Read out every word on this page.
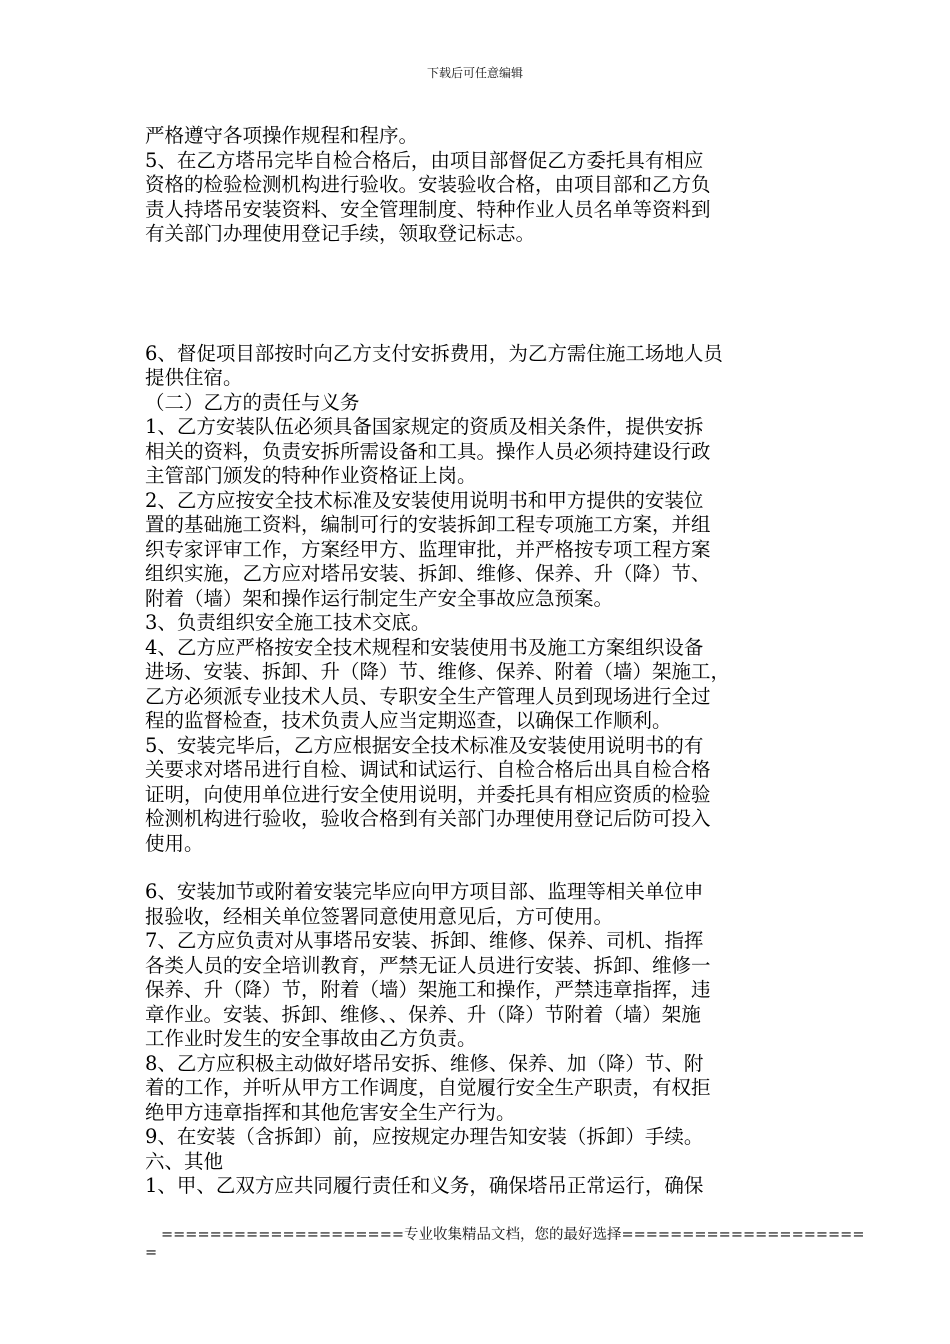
下载后可任意编辑
严格遵守各项操作规程和程序。
5、在乙方塔吊完毕自检合格后，由项目部督促乙方委托具有相应
资格的检验检测机构进行验收。安装验收合格，由项目部和乙方负
责人持塔吊安装资料、安全管理制度、特种作业人员名单等资料到
有关部门办理使用登记手续，领取登记标志。
6、督促项目部按时向乙方支付安拆费用，为乙方需住施工场地人员
提供住宿。
（二）乙方的责任与义务
1、乙方安装队伍必须具备国家规定的资质及相关条件，提供安拆
相关的资料，负责安拆所需设备和工具。操作人员必须持建设行政
主管部门颁发的特种作业资格证上岗。
2、乙方应按安全技术标准及安装使用说明书和甲方提供的安装位
置的基础施工资料，编制可行的安装拆卸工程专项施工方案，并组
织专家评审工作，方案经甲方、监理审批，并严格按专项工程方案
组织实施，乙方应对塔吊安装、拆卸、维修、保养、升（降）节、
附着（墙）架和操作运行制定生产安全事故应急预案。
3、负责组织安全施工技术交底。
4、乙方应严格按安全技术规程和安装使用书及施工方案组织设备
进场、安装、拆卸、升（降）节、维修、保养、附着（墙）架施工，
乙方必须派专业技术人员、专职安全生产管理人员到现场进行全过
程的监督检查，技术负责人应当定期巡查，以确保工作顺利。
5、安装完毕后，乙方应根据安全技术标准及安装使用说明书的有
关要求对塔吊进行自检、调试和试运行、自检合格后出具自检合格
证明，向使用单位进行安全使用说明，并委托具有相应资质的检验
检测机构进行验收，验收合格到有关部门办理使用登记后防可投入
使用。
6、安装加节或附着安装完毕应向甲方项目部、监理等相关单位申
报验收，经相关单位签署同意使用意见后，方可使用。
7、乙方应负责对从事塔吊安装、拆卸、维修、保养、司机、指挥
各类人员的安全培训教育，严禁无证人员进行安装、拆卸、维修一
保养、升（降）节，附着（墙）架施工和操作，严禁违章指挥，违
章作业。安装、拆卸、维修、、保养、升（降）节附着（墙）架施
工作业时发生的安全事故由乙方负责。
8、乙方应积极主动做好塔吊安拆、维修、保养、加（降）节、附
着的工作，并听从甲方工作调度，自觉履行安全生产职责，有权拒
绝甲方违章指挥和其他危害安全生产行为。
9、在安装（含拆卸）前，应按规定办理告知安装（拆卸）手续。
六、其他
1、甲、乙双方应共同履行责任和义务，确保塔吊正常运行，确保
====================专业收集精品文档，您的最好选择====================
=
